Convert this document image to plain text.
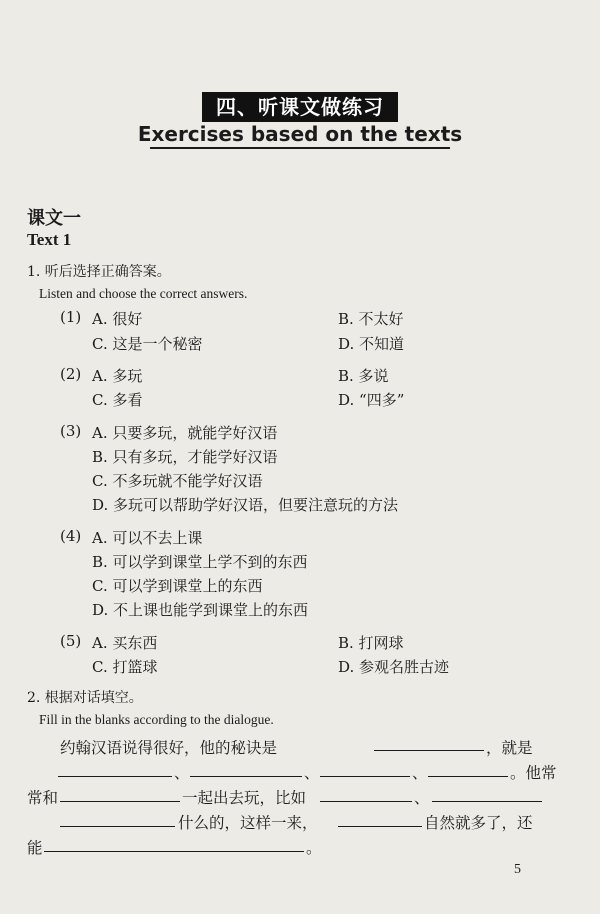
四、听课文做练习
Exercises based on the texts
课文一
Text 1
1. 听后选择正确答案。
Listen and choose the correct answers.
(1) A. 很好	B. 不太好
C. 这是一个秘密	D. 不知道
(2) A. 多玩	B. 多说
C. 多看	D. “四多”
(3) A. 只要多玩，就能学好汉语
B. 只有多玩，才能学好汉语
C. 不多玩就不能学好汉语
D. 多玩可以帮助学好汉语，但要注意玩的方法
(4) A. 可以不去上课
B. 可以学到课堂上学不到的东西
C. 可以学到课堂上的东西
D. 不上课也能学到课堂上的东西
(5) A. 买东西	B. 打网球
C. 打篮球	D. 参观名胜古迹
2. 根据对话填空。
Fill in the blanks according to the dialogue.
约翰汉语说得很好，他的秘诀是	，就是
、	、	、	。他常
常和	一起出去玩，比如	、
什么的，这样一来，	自然就多了，还
能	。
5
